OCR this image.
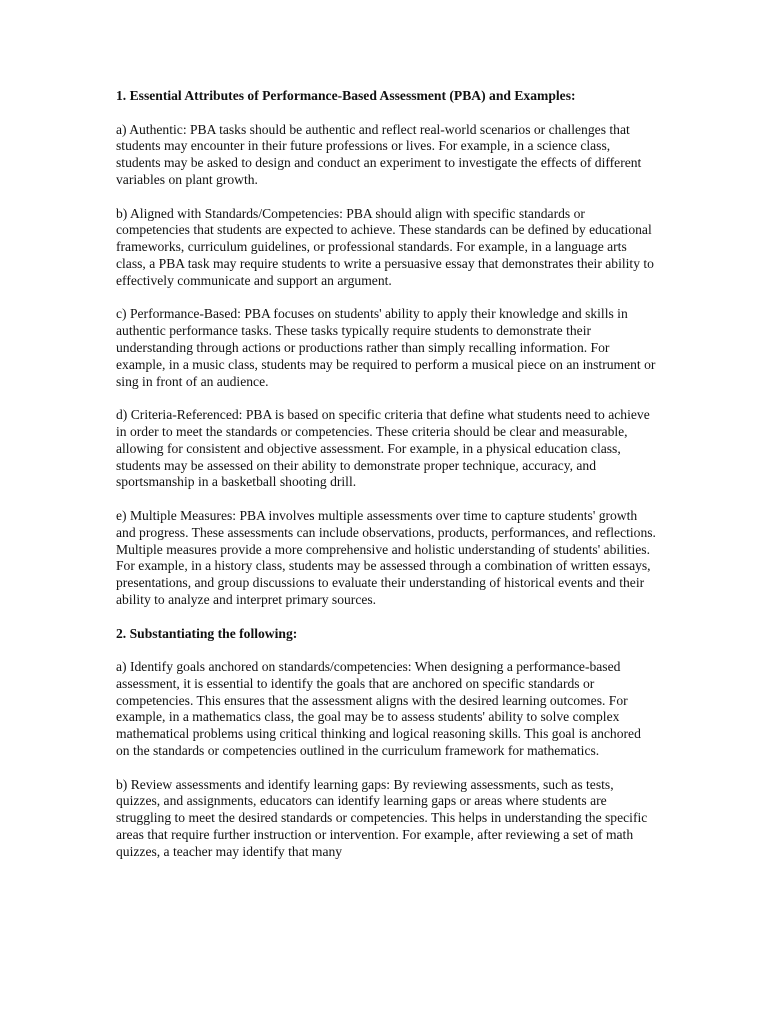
1. Essential Attributes of Performance-Based Assessment (PBA) and Examples:

a) Authentic: PBA tasks should be authentic and reflect real-world scenarios or challenges that students may encounter in their future professions or lives. For example, in a science class, students may be asked to design and conduct an experiment to investigate the effects of different variables on plant growth.

b) Aligned with Standards/Competencies: PBA should align with specific standards or competencies that students are expected to achieve. These standards can be defined by educational frameworks, curriculum guidelines, or professional standards. For example, in a language arts class, a PBA task may require students to write a persuasive essay that demonstrates their ability to effectively communicate and support an argument.

c) Performance-Based: PBA focuses on students' ability to apply their knowledge and skills in authentic performance tasks. These tasks typically require students to demonstrate their understanding through actions or productions rather than simply recalling information. For example, in a music class, students may be required to perform a musical piece on an instrument or sing in front of an audience.

d) Criteria-Referenced: PBA is based on specific criteria that define what students need to achieve in order to meet the standards or competencies. These criteria should be clear and measurable, allowing for consistent and objective assessment. For example, in a physical education class, students may be assessed on their ability to demonstrate proper technique, accuracy, and sportsmanship in a basketball shooting drill.

e) Multiple Measures: PBA involves multiple assessments over time to capture students' growth and progress. These assessments can include observations, products, performances, and reflections. Multiple measures provide a more comprehensive and holistic understanding of students' abilities. For example, in a history class, students may be assessed through a combination of written essays, presentations, and group discussions to evaluate their understanding of historical events and their ability to analyze and interpret primary sources.

2. Substantiating the following:

a) Identify goals anchored on standards/competencies: When designing a performance-based assessment, it is essential to identify the goals that are anchored on specific standards or competencies. This ensures that the assessment aligns with the desired learning outcomes. For example, in a mathematics class, the goal may be to assess students' ability to solve complex mathematical problems using critical thinking and logical reasoning skills. This goal is anchored on the standards or competencies outlined in the curriculum framework for mathematics.

b) Review assessments and identify learning gaps: By reviewing assessments, such as tests, quizzes, and assignments, educators can identify learning gaps or areas where students are struggling to meet the desired standards or competencies. This helps in understanding the specific areas that require further instruction or intervention. For example, after reviewing a set of math quizzes, a teacher may identify that many
